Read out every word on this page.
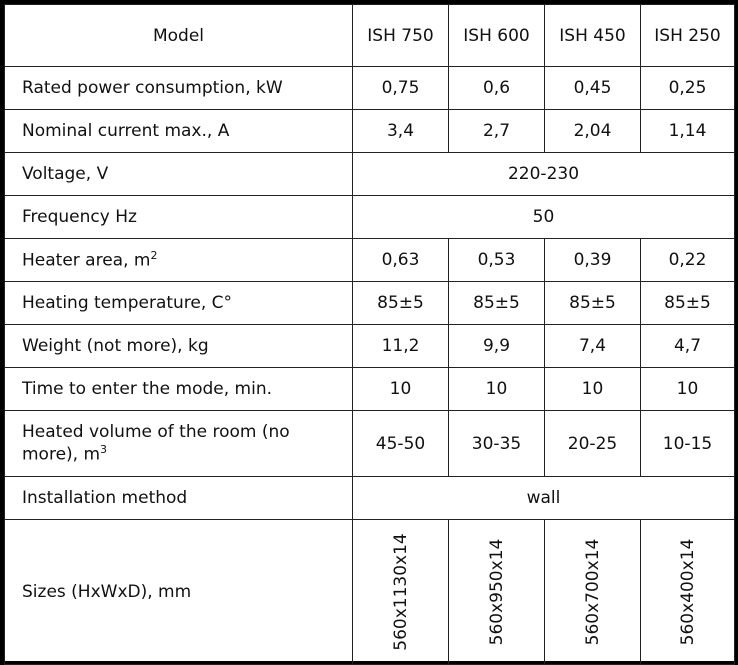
Model	ISH 750	ISH 600	ISH 450	ISH 250
Rated power consumption, kW	0,75	0,6	0,45	0,25
Nominal current max., A	3,4	2,7	2,04	1,14
Voltage, V	220-230			
Frequency Hz	50			
Heater area, $m^2$	0,63	0,53	0,39	0,22
Heating temperature, C°	85±5	85±5	85±5	85±5
Weight (not more), kg	11,2	9,9	7,4	4,7
Time to enter the mode, min.	10	10	10	10
Heated volume of the room (no more), $m^3$	45-50	30-35	20-25	10-15
Installation method	wall			
Sizes (HxWxD), mm	560x1130x14	560x950x14	560x700x14	560x400x14
